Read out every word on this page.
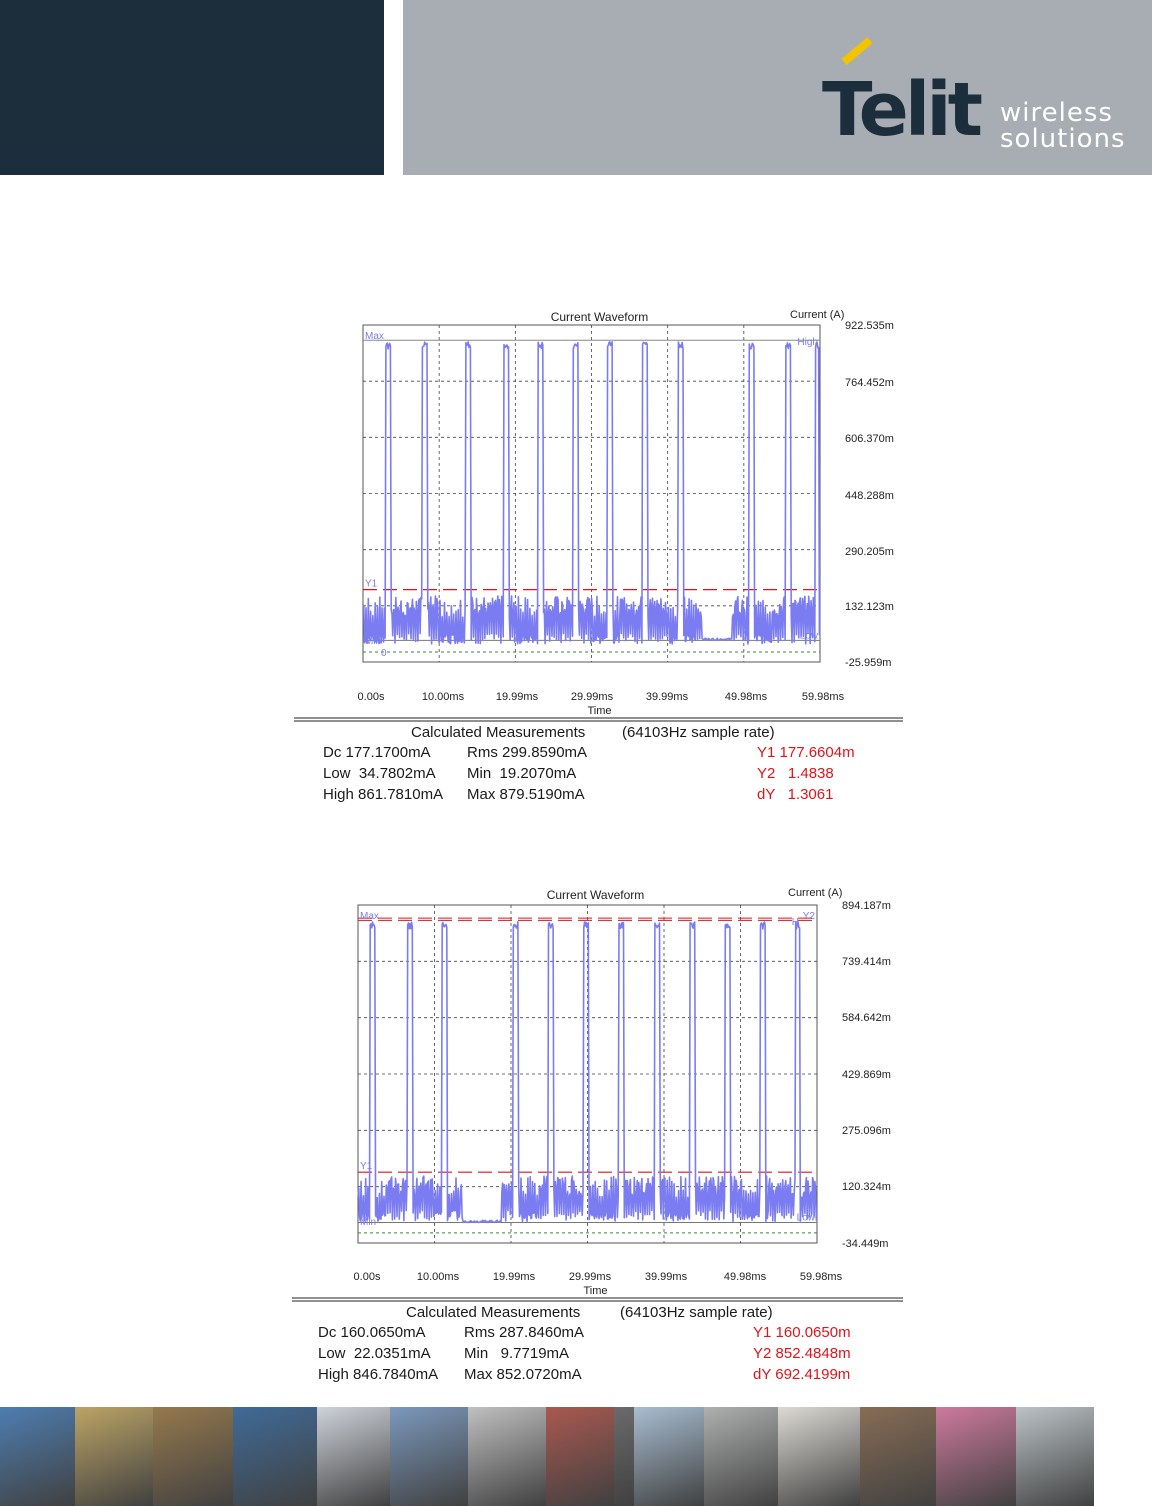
Telit wireless
solutions
Current Waveform	Current (A)
Time
922.535m
764.452m
606.370m
448.288m
290.205m
132.123m
-25.959m
0.00s	10.00ms	19.99ms	29.99ms	39.99ms	49.98ms	59.98ms
Max
Y1
Min
Low
High
0
Current Waveform	Current (A)
Time
894.187m
739.414m
584.642m
429.869m
275.096m
120.324m
-34.449m
0.00s	10.00ms	19.99ms	29.99ms	39.99ms	49.98ms	59.98ms
Max
Y1
Min	Low
H
Y2
Calculated Measurements (64103Hz sample rate)
Dc 177.1700mA Rms 299.8590mA	Y1 177.6604m
Low  34.7802mA Min  19.2070mA	Y2   1.4838
High 861.7810mA Max 879.5190mA	dY   1.3061
Calculated Measurements	(64103Hz sample rate)
Dc 160.0650mA	Rms 287.8460mA	Y1 160.0650m
Low  22.0351mA Min   9.7719mA	Y2 852.4848m
High 846.7840mA Max 852.0720mA	dY 692.4199m
